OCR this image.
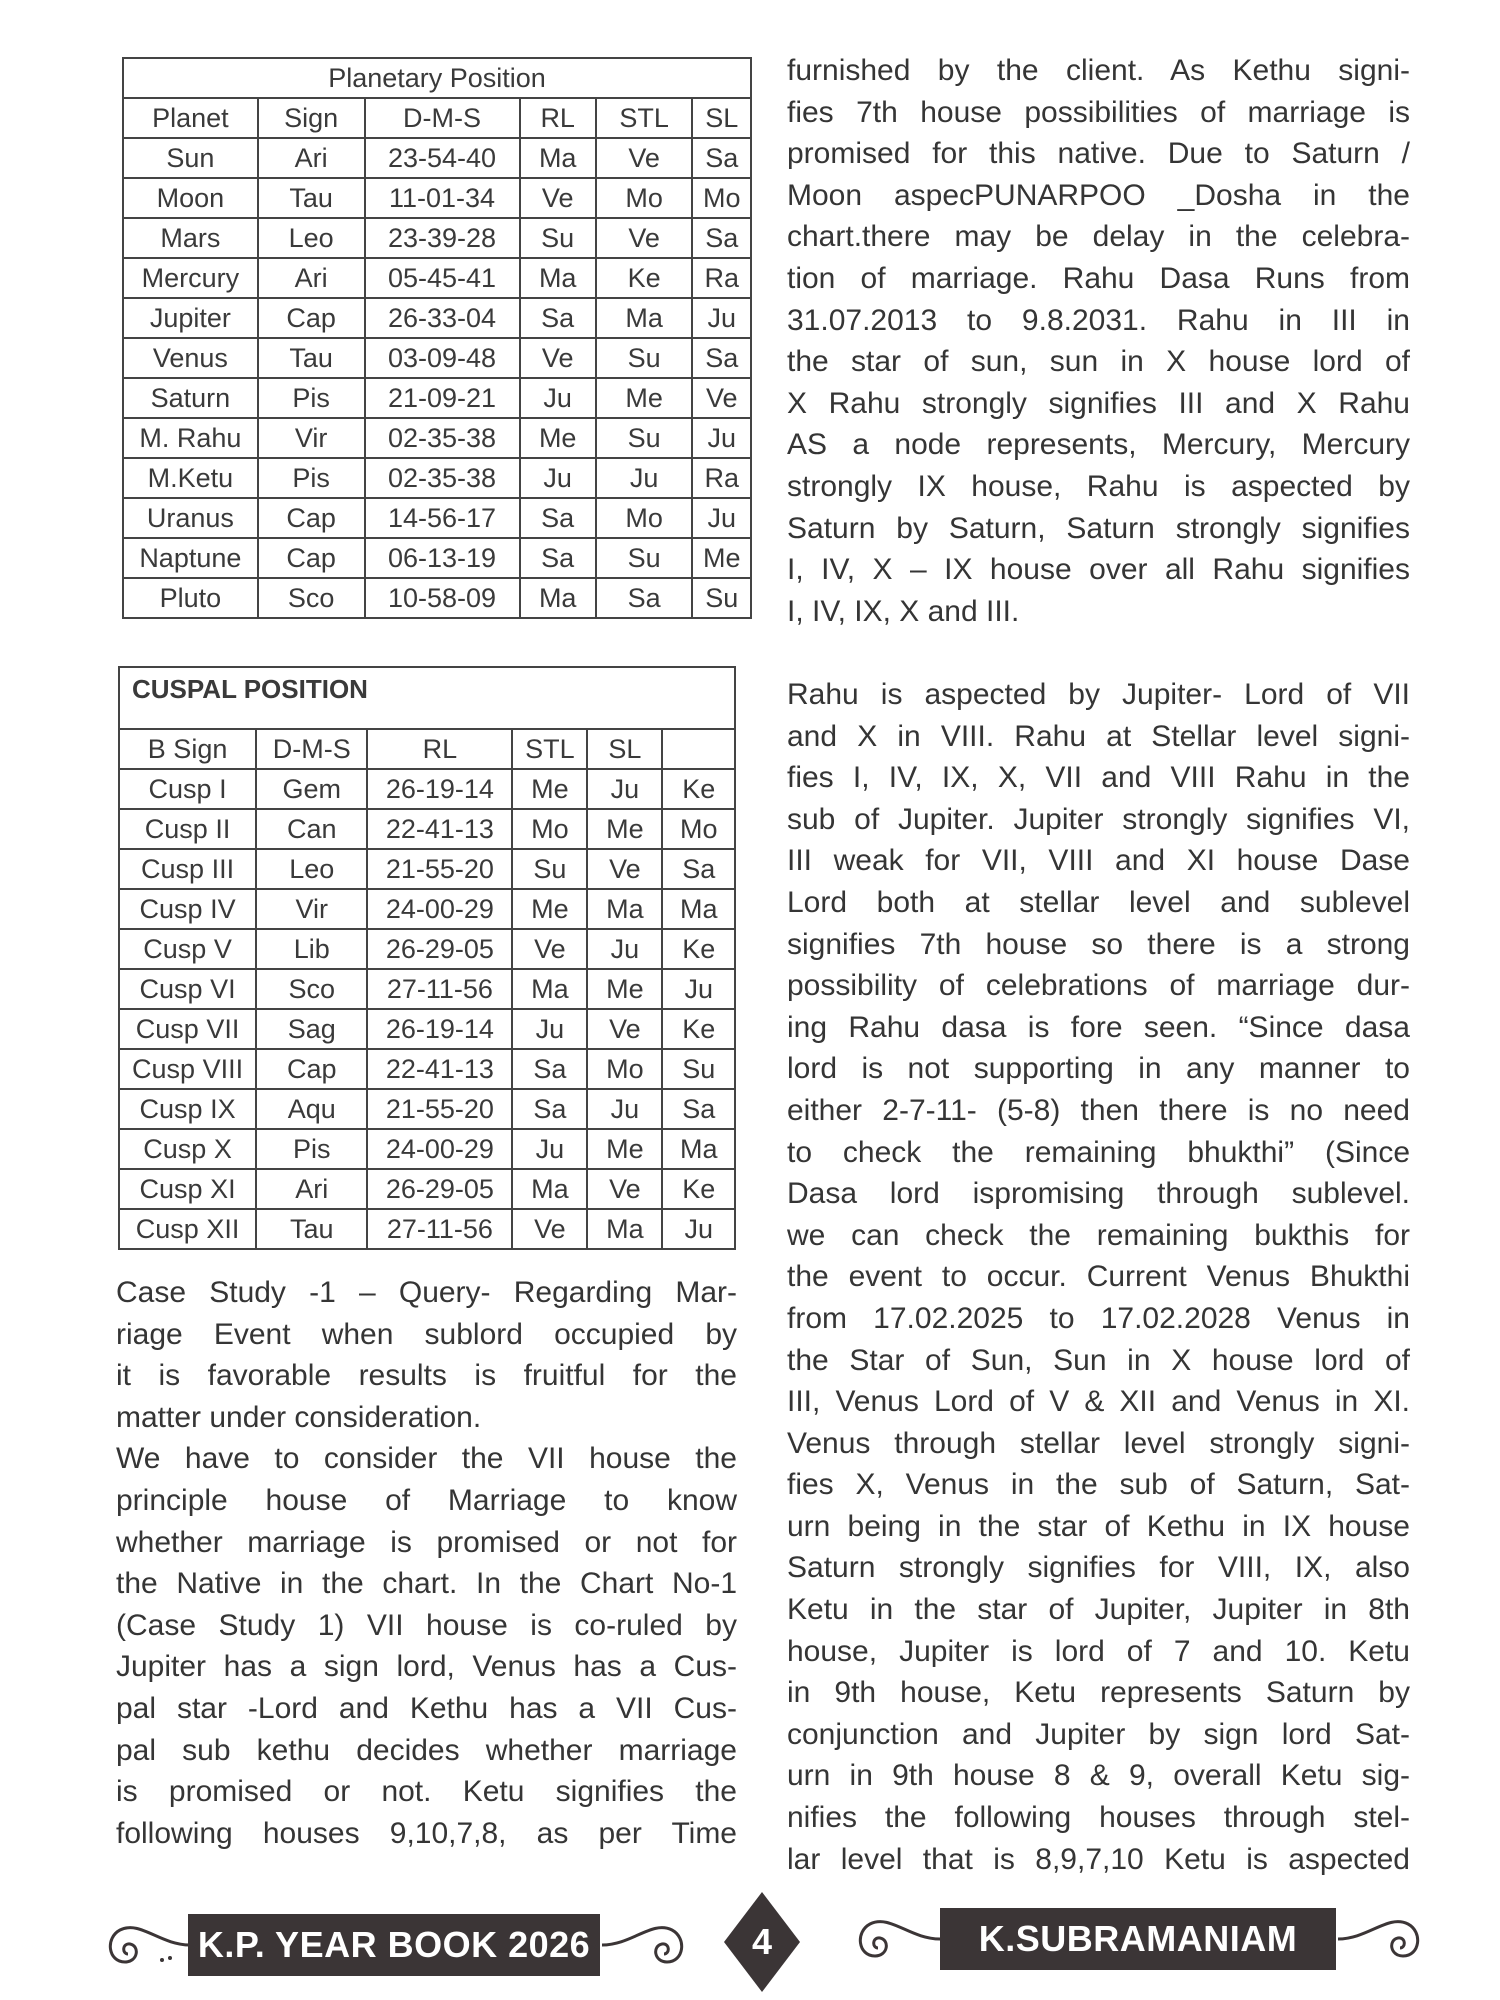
Planetary Position					
Planet	Sign	D-M-S	RL	STL	SL
Sun	Ari	23-54-40	Ma	Ve	Sa
Moon	Tau	11-01-34	Ve	Mo	Mo
Mars	Leo	23-39-28	Su	Ve	Sa
Mercury	Ari	05-45-41	Ma	Ke	Ra
Jupiter	Cap	26-33-04	Sa	Ma	Ju
Venus	Tau	03-09-48	Ve	Su	Sa
Saturn	Pis	21-09-21	Ju	Me	Ve
M. Rahu	Vir	02-35-38	Me	Su	Ju
M.Ketu	Pis	02-35-38	Ju	Ju	Ra
Uranus	Cap	14-56-17	Sa	Mo	Ju
Naptune	Cap	06-13-19	Sa	Su	Me
Pluto	Sco	10-58-09	Ma	Sa	Su
CUSPAL POSITION					
B Sign	D-M-S	RL	STL	SL	
Cusp I	Gem	26-19-14	Me	Ju	Ke
Cusp II	Can	22-41-13	Mo	Me	Mo
Cusp III	Leo	21-55-20	Su	Ve	Sa
Cusp IV	Vir	24-00-29	Me	Ma	Ma
Cusp V	Lib	26-29-05	Ve	Ju	Ke
Cusp VI	Sco	27-11-56	Ma	Me	Ju
Cusp VII	Sag	26-19-14	Ju	Ve	Ke
Cusp VIII	Cap	22-41-13	Sa	Mo	Su
Cusp IX	Aqu	21-55-20	Sa	Ju	Sa
Cusp X	Pis	24-00-29	Ju	Me	Ma
Cusp XI	Ari	26-29-05	Ma	Ve	Ke
Cusp XII	Tau	27-11-56	Ve	Ma	Ju
furnished by the client. As Kethu signi-
fies 7th house possibilities of marriage is
promised for this native. Due to Saturn /
Moon aspecPUNARPOO _Dosha in the
chart.there may be delay in the celebra-
tion of marriage. Rahu Dasa Runs from
31.07.2013 to 9.8.2031. Rahu in III in
the star of sun, sun in X house lord of
X Rahu strongly signifies III and X Rahu
AS a node represents, Mercury, Mercury
strongly IX house, Rahu is aspected by
Saturn by Saturn, Saturn strongly signifies
I, IV, X – IX house over all Rahu signifies
I, IV, IX, X and III.
Rahu is aspected by Jupiter- Lord of VII
and X in VIII. Rahu at Stellar level signi-
fies I, IV, IX, X, VII and VIII Rahu in the
sub of Jupiter. Jupiter strongly signifies VI,
III weak for VII, VIII and XI house Dase
Lord both at stellar level and sublevel
signifies 7th house so there is a strong
possibility of celebrations of marriage dur-
ing Rahu dasa is fore seen. “Since dasa
lord is not supporting in any manner to
either 2-7-11- (5-8) then there is no need
to check the remaining bhukthi” (Since
Dasa lord ispromising through sublevel.
we can check the remaining bukthis for
the event to occur. Current Venus Bhukthi
from 17.02.2025 to 17.02.2028 Venus in
the Star of Sun, Sun in X house lord of
III, Venus Lord of V & XII and Venus in XI.
Venus through stellar level strongly signi-
fies X, Venus in the sub of Saturn, Sat-
urn being in the star of Kethu in IX house
Saturn strongly signifies for VIII, IX, also
Ketu in the star of Jupiter, Jupiter in 8th
house, Jupiter is lord of 7 and 10. Ketu
in 9th house, Ketu represents Saturn by
conjunction and Jupiter by sign lord Sat-
urn in 9th house 8 & 9, overall Ketu sig-
nifies the following houses through stel-
lar level that is 8,9,7,10 Ketu is aspected
Case Study -1 – Query- Regarding Mar-
riage Event when sublord occupied by
it is favorable results is fruitful for the
matter under consideration.
We have to consider the VII house the
principle house of Marriage to know
whether marriage is promised or not for
the Native in the chart. In the Chart No-1
(Case Study 1) VII house is co-ruled by
Jupiter has a sign lord, Venus has a Cus-
pal star -Lord and Kethu has a VII Cus-
pal sub kethu decides whether marriage
is promised or not. Ketu signifies the
following houses 9,10,7,8, as per Time
K.P. YEAR BOOK 2026	4	K.SUBRAMANIAM
